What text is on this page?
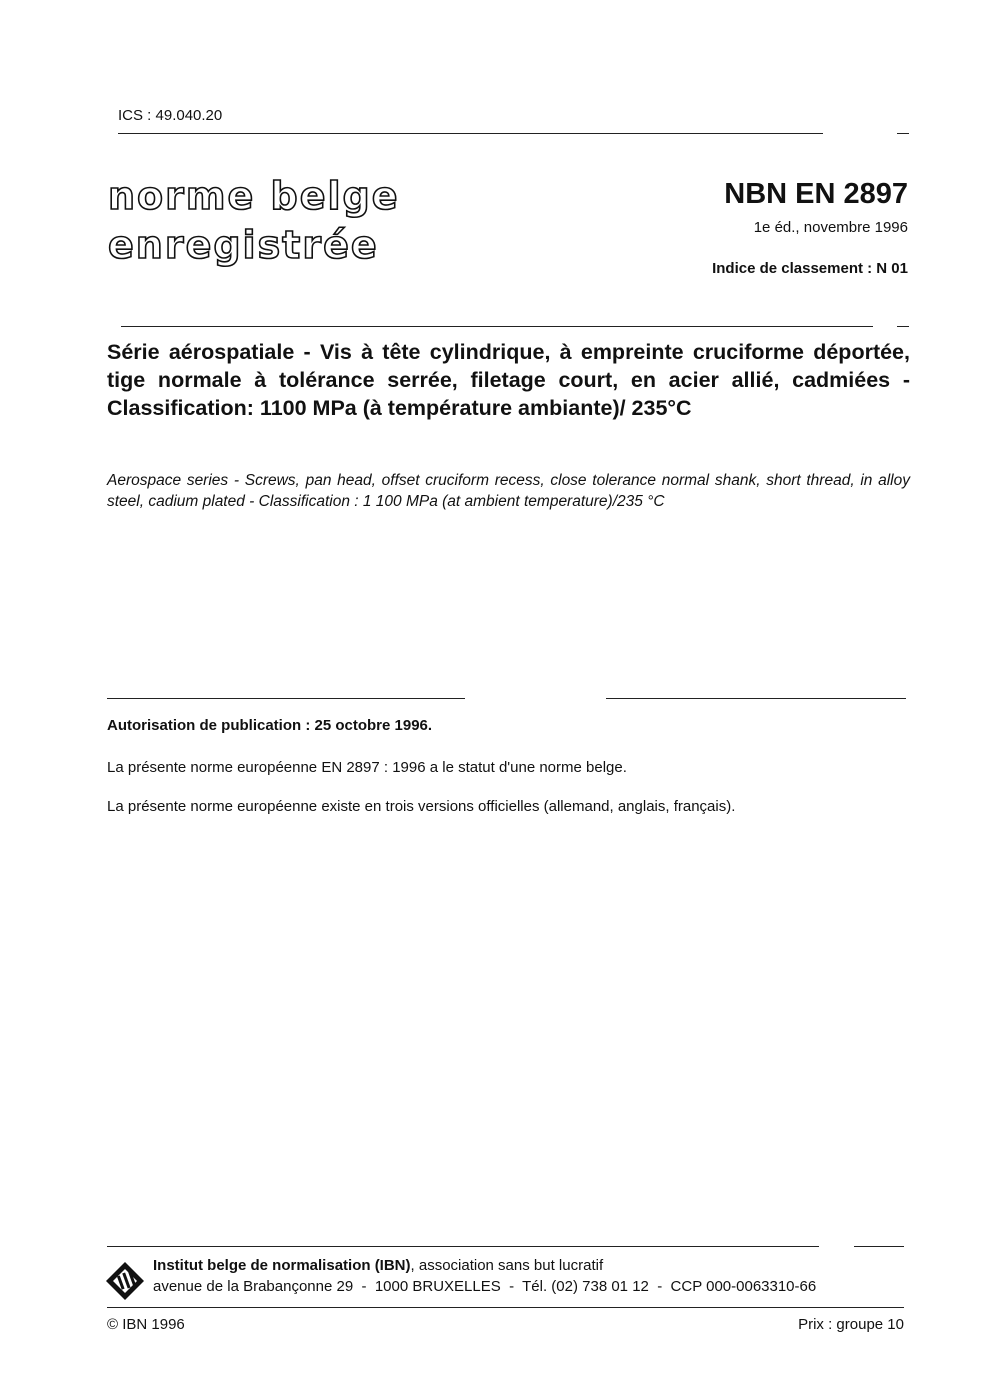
ICS : 49.040.20
norme belge
enregistrée
NBN EN 2897
1e éd., novembre 1996
Indice de classement : N 01
Série aérospatiale - Vis à tête cylindrique, à empreinte cruciforme déportée, tige normale à tolérance serrée, filetage court, en acier allié, cadmiées - Classification: 1100 MPa (à température ambiante)/ 235°C
Aerospace series - Screws, pan head, offset cruciform recess, close tolerance normal shank, short thread, in alloy steel, cadium plated - Classification : 1 100 MPa (at ambient temperature)/235 °C
Autorisation de publication : 25 octobre 1996.
La présente norme européenne EN 2897 : 1996 a le statut d'une norme belge.
La présente norme européenne existe en trois versions officielles (allemand, anglais, français).
Institut belge de normalisation (IBN), association sans but lucratif
avenue de la Brabançonne 29  -  1000 BRUXELLES  -  Tél. (02) 738 01 12  -  CCP 000-0063310-66
© IBN 1996	Prix : groupe 10
